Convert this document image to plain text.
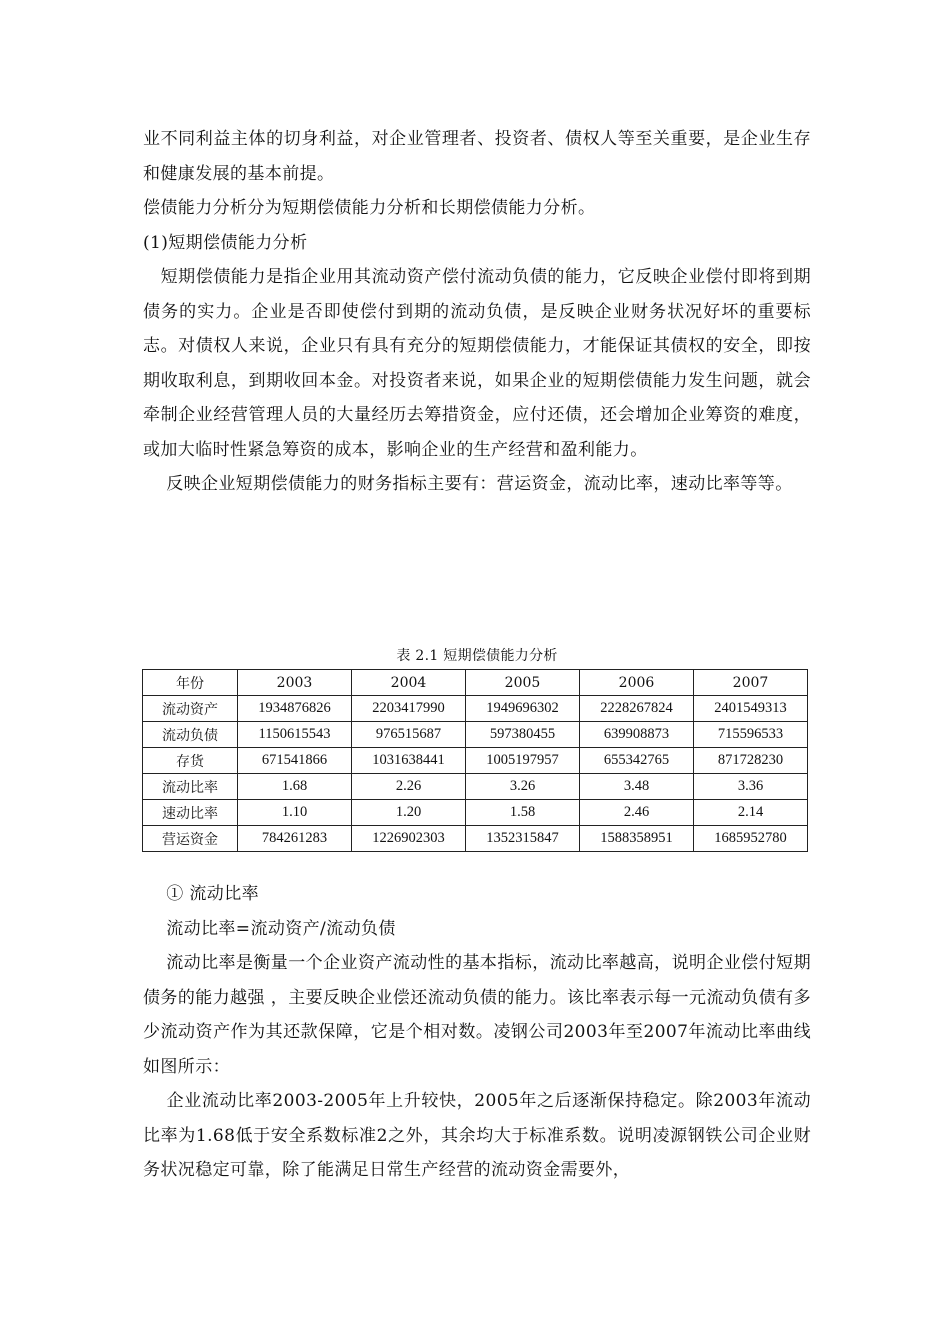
业不同利益主体的切身利益，对企业管理者、投资者、债权人等至关重要，是企业生存和健康发展的基本前提。

偿债能力分析分为短期偿债能力分析和长期偿债能力分析。

(1)短期偿债能力分析

　短期偿债能力是指企业用其流动资产偿付流动负债的能力，它反映企业偿付即将到期债务的实力。企业是否即使偿付到期的流动负债，是反映企业财务状况好坏的重要标志。对债权人来说，企业只有具有充分的短期偿债能力，才能保证其债权的安全，即按期收取利息，到期收回本金。对投资者来说，如果企业的短期偿债能力发生问题，就会牵制企业经营管理人员的大量经历去筹措资金，应付还债，还会增加企业筹资的难度，或加大临时性紧急筹资的成本，影响企业的生产经营和盈利能力。

　 反映企业短期偿债能力的财务指标主要有：营运资金，流动比率，速动比率等等。

表 2.1 短期偿债能力分析
年份	2003	2004	2005	2006	2007
流动资产	1934876826	2203417990	1949696302	2228267824	2401549313
流动负债	1150615543	976515687	597380455	639908873	715596533
存货	671541866	1031638441	1005197957	655342765	871728230
流动比率	1.68	2.26	3.26	3.48	3.36
速动比率	1.10	1.20	1.58	2.46	2.14
营运资金	784261283	1226902303	1352315847	1588358951	1685952780

　 ① 流动比率

　 流动比率=流动资产/流动负债

　 流动比率是衡量一个企业资产流动性的基本指标，流动比率越高，说明企业偿付短期债务的能力越强 ，主要反映企业偿还流动负债的能力。该比率表示每一元流动负债有多少流动资产作为其还款保障，它是个相对数。凌钢公司2003年至2007年流动比率曲线如图所示：

　 企业流动比率2003-2005年上升较快，2005年之后逐渐保持稳定。除2003年流动比率为1.68低于安全系数标准2之外，其余均大于标准系数。说明凌源钢铁公司企业财务状况稳定可靠，除了能满足日常生产经营的流动资金需要外，
